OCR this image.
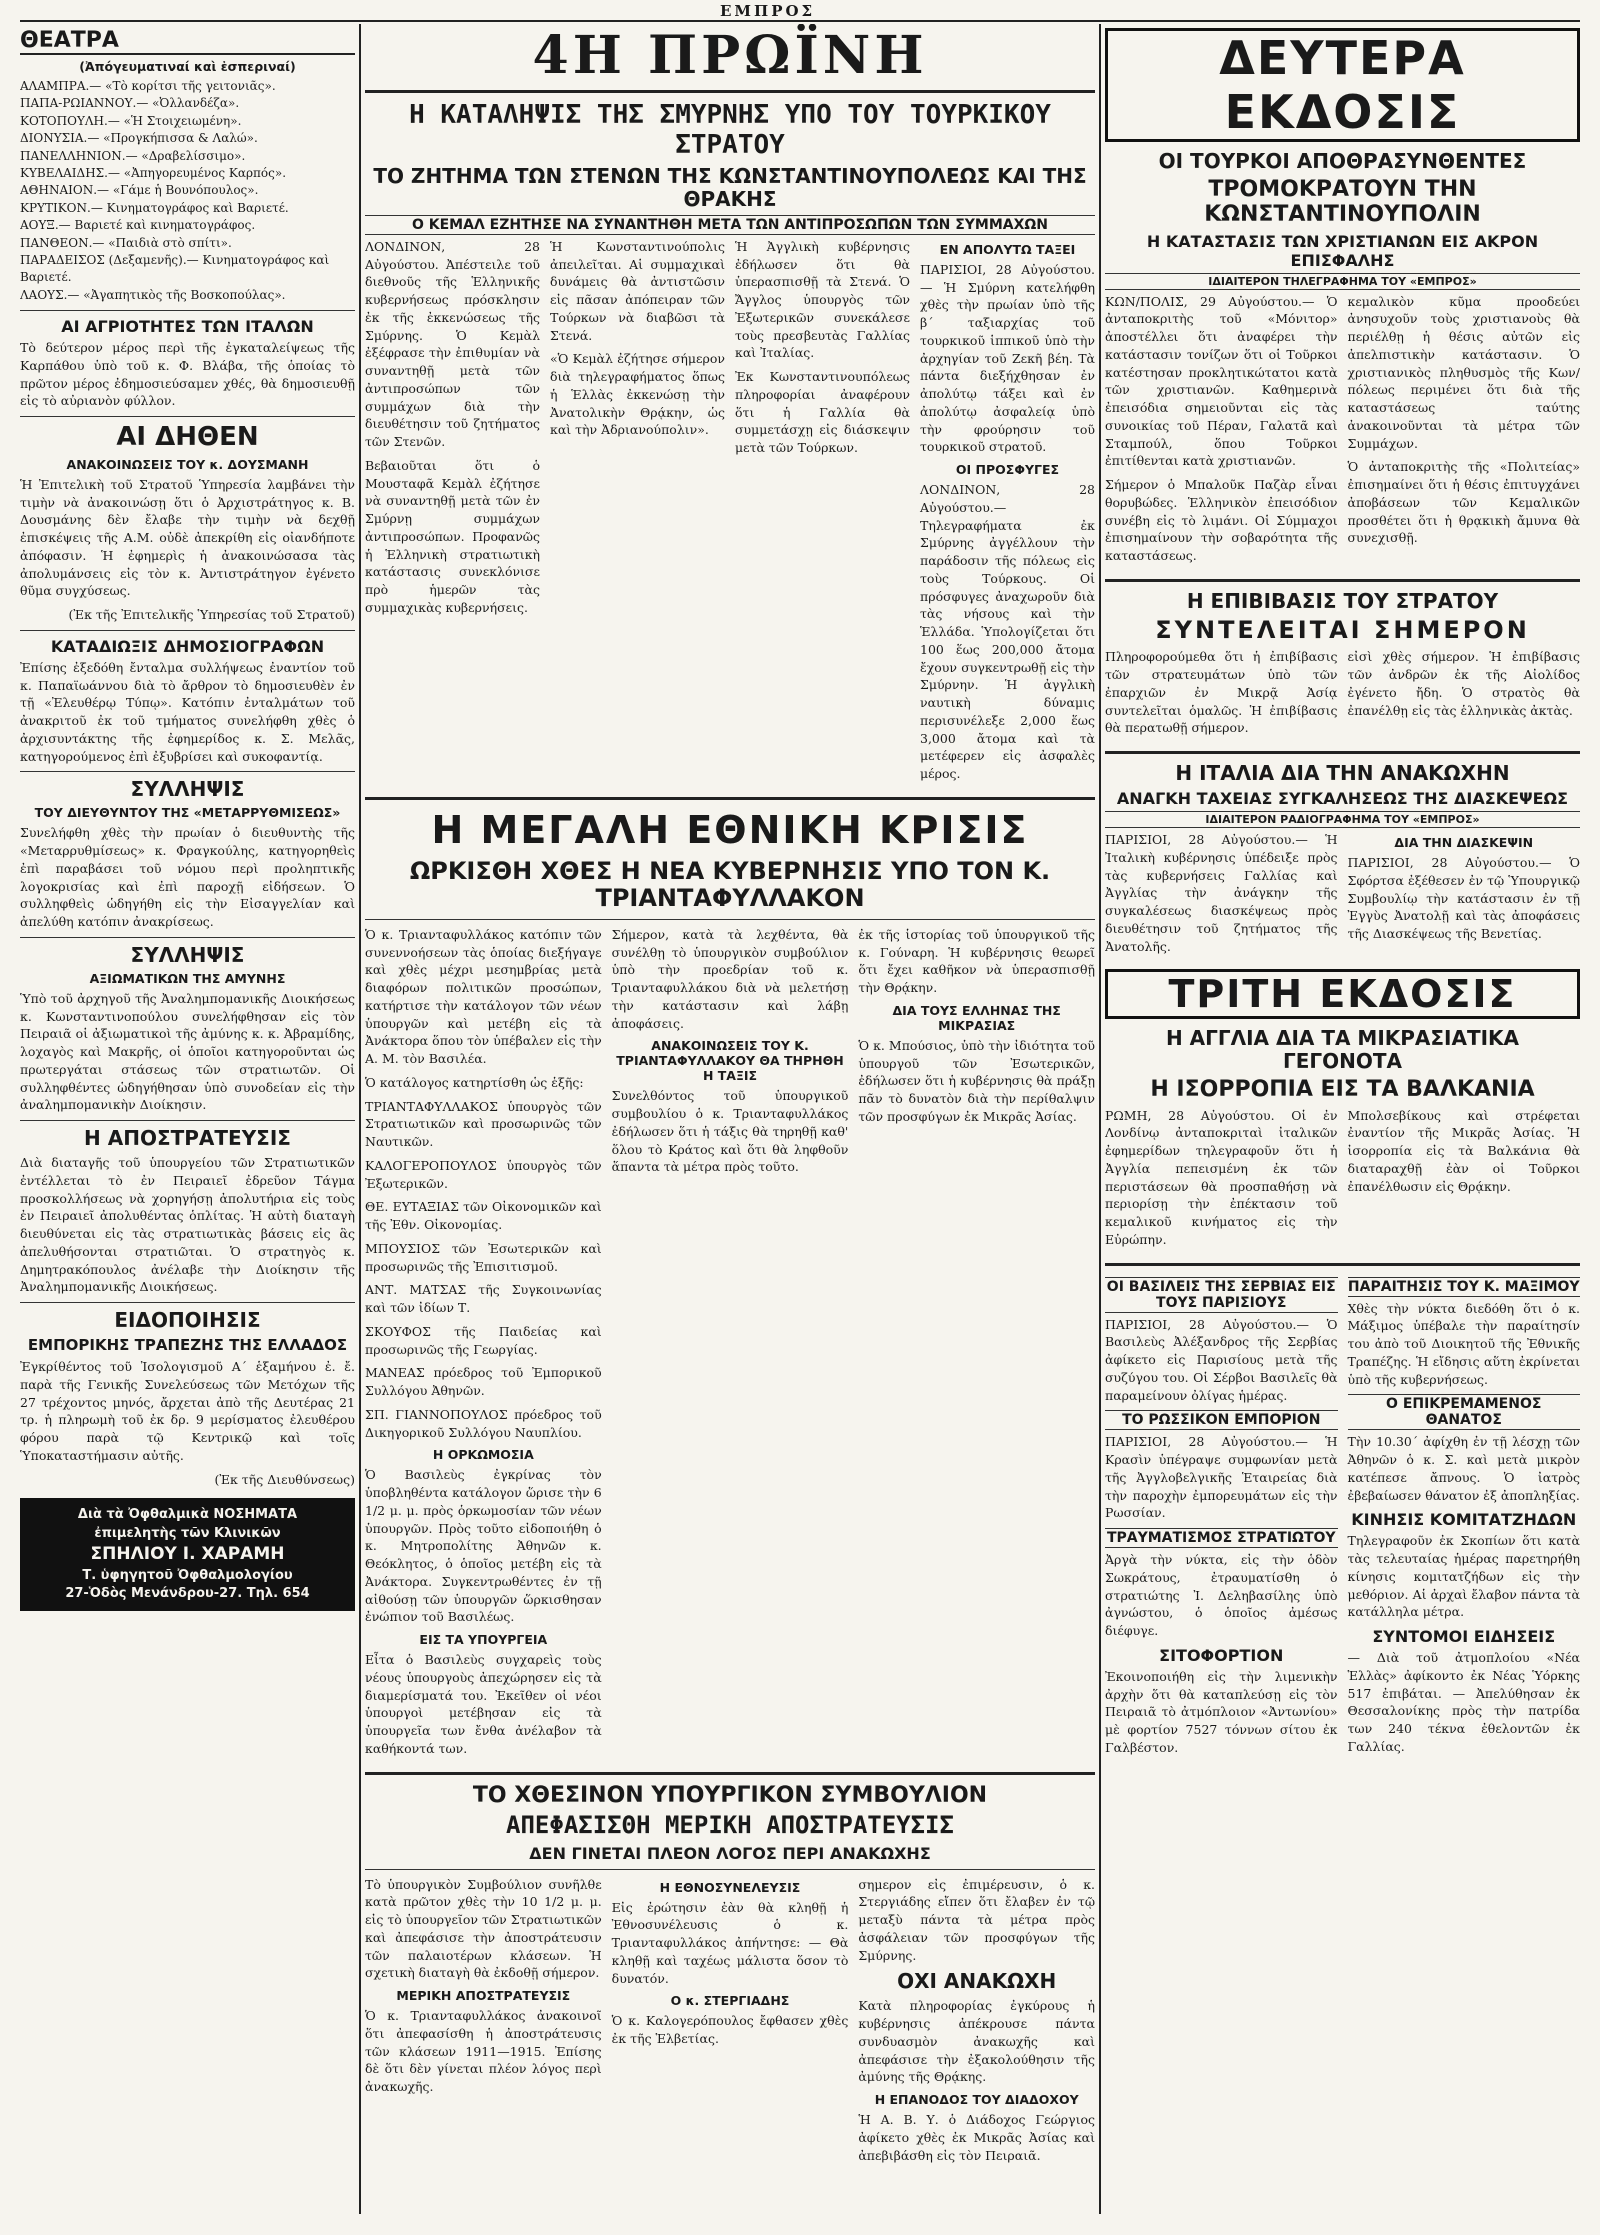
ΕΜΠΡΟΣ
ΘΕΑΤΡΑ
(Ἀπόγευματιναί καὶ ἑσπεριναί)
ΑΛΑΜΠΡΑ.— «Τὸ κορίτσι τῆς γειτονιᾶς».
ΠΑΠΑ-ΡΩΙΑΝΝΟΥ.— «Ὀλλανδέζα».
ΚΟΤΟΠΟΥΛΗ.— «Ἡ Στοιχειωμένη».
ΔΙΟΝΥΣΙΑ.— «Προγκήπισσα & Λαλώ».
ΠΑΝΕΛΛΗΝΙΟΝ.— «Δραβελίσσιμο».
ΚΥΒΕΛΑΙΔΗΣ.— «Ἀπηγορευμένος Καρπός».
ΑΘΗΝΑΙΟΝ.— «Γάμε ἡ Βουνόπουλος».
ΚΡΥΤΙΚΟΝ.— Κινηματογράφος καὶ Βαριετέ.
ΑΟΥΞ.— Βαριετέ καὶ κινηματογράφος.
ΠΑΝΘΕΟΝ.— «Παιδιὰ στὸ σπίτι».
ΠΑΡΑΔΕΙΣΟΣ (Δεξαμενῆς).— Κινηματογράφος καὶ Βαριετέ.
ΛΑΟΥΣ.— «Ἀγαπητικὸς τῆς Βοσκοπούλας».
ΑΙ ΑΓΡΙΟΤΗΤΕΣ ΤΩΝ ΙΤΑΛΩΝ

Τὸ δεύτερον μέρος περὶ τῆς ἐγκαταλείψεως τῆς Καρπάθου ὑπὸ τοῦ κ. Φ. Βλάβα, τῆς ὁποίας τὸ πρῶτον μέρος ἐδημοσιεύσαμεν χθές, θὰ δημοσιευθῇ εἰς τὸ αὐριανὸν φύλλον.

ΑΙ ΔΗΘΕΝ
ΑΝΑΚΟΙΝΩΣΕΙΣ ΤΟΥ κ. ΔΟΥΣΜΑΝΗ

Ἡ Ἐπιτελικὴ τοῦ Στρατοῦ Ὑπηρεσία λαμβάνει τὴν τιμὴν νὰ ἀνακοινώσῃ ὅτι ὁ Ἀρχιστράτηγος κ. Β. Δουσμάνης δὲν ἔλαβε τὴν τιμὴν νὰ δεχθῇ ἐπισκέψεις τῆς Α.Μ. οὐδὲ ἀπεκρίθη εἰς οἰανδήποτε ἀπόφασιν. Ἡ ἐφημερὶς ἡ ἀνακοινώσασα τὰς ἀπολυμάνσεις εἰς τὸν κ. Ἀντιστράτηγον ἐγένετο θῦμα συγχύσεως.

(Ἐκ τῆς Ἐπιτελικῆς Ὑπηρεσίας τοῦ Στρατοῦ)

ΚΑΤΑΔΙΩΞΙΣ ΔΗΜΟΣΙΟΓΡΑΦΩΝ

Ἐπίσης ἐξεδόθη ἔνταλμα συλλήψεως ἐναντίον τοῦ κ. Παπαϊωάννου διὰ τὸ ἄρθρον τὸ δημοσιευθὲν ἐν τῇ «Ἐλευθέρῳ Τύπῳ». Κατόπιν ἐνταλμάτων τοῦ ἀνακριτοῦ ἐκ τοῦ τμήματος συνελήφθη χθὲς ὁ ἀρχισυντάκτης τῆς ἐφημερίδος κ. Σ. Μελᾶς, κατηγορούμενος ἐπὶ ἐξυβρίσει καὶ συκοφαντίᾳ.

ΣΥΛΛΗΨΙΣ
ΤΟΥ ΔΙΕΥΘΥΝΤΟΥ ΤΗΣ «ΜΕΤΑΡΡΥΘΜΙΣΕΩΣ»

Συνελήφθη χθὲς τὴν πρωίαν ὁ διευθυντὴς τῆς «Μεταρρυθμίσεως» κ. Φραγκούλης, κατηγορηθεὶς ἐπὶ παραβάσει τοῦ νόμου περὶ προληπτικῆς λογοκρισίας καὶ ἐπὶ παροχῇ εἰδήσεων. Ὁ συλληφθεὶς ὡδηγήθη εἰς τὴν Εἰσαγγελίαν καὶ ἀπελύθη κατόπιν ἀνακρίσεως.

ΣΥΛΛΗΨΙΣ
ΑΞΙΩΜΑΤΙΚΩΝ ΤΗΣ ΑΜΥΝΗΣ

Ὑπὸ τοῦ ἀρχηγοῦ τῆς Ἀναλημπομανικῆς Διοικήσεως κ. Κωνσταντινοπούλου συνελήφθησαν εἰς τὸν Πειραιᾶ οἱ ἀξιωματικοὶ τῆς ἀμύνης κ. κ. Ἀβραμίδης, λοχαγὸς καὶ Μακρῆς, οἱ ὁποῖοι κατηγοροῦνται ὡς πρωτεργάται στάσεως τῶν στρατιωτῶν. Οἱ συλληφθέντες ὡδηγήθησαν ὑπὸ συνοδείαν εἰς τὴν ἀναλημπομανικὴν Διοίκησιν.

Η ΑΠΟΣΤΡΑΤΕΥΣΙΣ

Διὰ διαταγῆς τοῦ ὑπουργείου τῶν Στρατιωτικῶν ἐντέλλεται τὸ ἐν Πειραιεῖ ἐδρεῦον Τάγμα προσκολλήσεως νὰ χορηγήσῃ ἀπολυτήρια εἰς τοὺς ἐν Πειραιεῖ ἀπολυθέντας ὁπλίτας. Ἡ αὐτὴ διαταγὴ διευθύνεται εἰς τὰς στρατιωτικὰς βάσεις εἰς ἃς ἀπελυθήσονται στρατιῶται. Ὁ στρατηγὸς κ. Δημητρακόπουλος ἀνέλαβε τὴν Διοίκησιν τῆς Ἀναλημπομανικῆς Διοικήσεως.

ΕΙΔΟΠΟΙΗΣΙΣ
ΕΜΠΟΡΙΚΗΣ ΤΡΑΠΕΖΗΣ ΤΗΣ ΕΛΛΑΔΟΣ

Ἐγκρίθέντος τοῦ Ἰσολογισμοῦ Α΄ ἑξαμήνου ἐ. ἔ. παρὰ τῆς Γενικῆς Συνελεύσεως τῶν Μετόχων τῆς 27 τρέχοντος μηνός, ἄρχεται ἀπὸ τῆς Δευτέρας 21 τρ. ἡ πληρωμὴ τοῦ ἐκ δρ. 9 μερίσματος ἐλευθέρου φόρου παρὰ τῷ Κεντρικῷ καὶ τοῖς Ὑποκαταστήμασιν αὐτῆς.

(Ἐκ τῆς Διευθύνσεως)

Διὰ τὰ Ὀφθαλμικὰ ΝΟΣΗΜΑΤΑ
ἐπιμελητὴς τῶν Κλινικῶν
ΣΠΗΛΙΟΥ Ι. ΧΑΡΑΜΗ
Τ. ὑφηγητοῦ Ὀφθαλμολογίου
27-Ὁδὸς Μενάνδρου-27. Τηλ. 654
4Η ΠΡΩΪΝΗ
Η ΚΑΤΑΛΗΨΙΣ ΤΗΣ ΣΜΥΡΝΗΣ ΥΠΟ ΤΟΥ ΤΟΥΡΚΙΚΟΥ ΣΤΡΑΤΟΥ
ΤΟ ΖΗΤΗΜΑ ΤΩΝ ΣΤΕΝΩΝ ΤΗΣ ΚΩΝΣΤΑΝΤΙΝΟΥΠΟΛΕΩΣ ΚΑΙ ΤΗΣ ΘΡΑΚΗΣ
Ο ΚΕΜΑΛ ΕΖΗΤΗΣΕ ΝΑ ΣΥΝΑΝΤΗΘΗ ΜΕΤΑ ΤΩΝ ΑΝΤΙΠΡΟΣΩΠΩΝ ΤΩΝ ΣΥΜΜΑΧΩΝ

ΛΟΝΔΙΝΟΝ, 28 Αὐγούστου. Ἀπέστειλε τοῦ διεθνοῦς τῆς Ἑλληνικῆς κυβερνήσεως πρόσκλησιν ἐκ τῆς ἐκκενώσεως τῆς Σμύρνης. Ὁ Κεμὰλ ἐξέφρασε τὴν ἐπιθυμίαν νὰ συναντηθῇ μετὰ τῶν ἀντιπροσώπων τῶν συμμάχων διὰ τὴν διευθέτησιν τοῦ ζητήματος τῶν Στενῶν.

Βεβαιοῦται ὅτι ὁ Μουσταφᾶ Κεμὰλ ἐζήτησε νὰ συναντηθῇ μετὰ τῶν ἐν Σμύρνῃ συμμάχων ἀντιπροσώπων. Προφανῶς ἡ Ἑλληνικὴ στρατιωτικὴ κατάστασις συνεκλόνισε πρὸ ἡμερῶν τὰς συμμαχικὰς κυβερνήσεις.

Ἡ Κωνσταντινούπολις ἀπειλεῖται. Αἱ συμμαχικαὶ δυνάμεις θὰ ἀντιστῶσιν εἰς πᾶσαν ἀπόπειραν τῶν Τούρκων νὰ διαβῶσι τὰ Στενά.

«Ὁ Κεμὰλ ἐζήτησε σήμερον διὰ τηλεγραφήματος ὅπως ἡ Ἑλλὰς ἐκκενώσῃ τὴν Ἀνατολικὴν Θρᾴκην, ὡς καὶ τὴν Ἀδριανούπολιν».

Ἡ Ἀγγλικὴ κυβέρνησις ἐδήλωσεν ὅτι θὰ ὑπερασπισθῇ τὰ Στενά. Ὁ Ἄγγλος ὑπουργὸς τῶν Ἐξωτερικῶν συνεκάλεσε τοὺς πρεσβευτὰς Γαλλίας καὶ Ἰταλίας.

Ἐκ Κωνσταντινουπόλεως πληροφορίαι ἀναφέρουν ὅτι ἡ Γαλλία θὰ συμμετάσχῃ εἰς διάσκεψιν μετὰ τῶν Τούρκων.

ΕΝ ΑΠΟΛΥΤΩ ΤΑΞΕΙ

ΠΑΡΙΣΙΟΙ, 28 Αὐγούστου.— Ἡ Σμύρνη κατελήφθη χθὲς τὴν πρωίαν ὑπὸ τῆς β΄ ταξιαρχίας τοῦ τουρκικοῦ ἱππικοῦ ὑπὸ τὴν ἀρχηγίαν τοῦ Ζεκῆ βέη. Τὰ πάντα διεξήχθησαν ἐν ἀπολύτῳ τάξει καὶ ἐν ἀπολύτῳ ἀσφαλείᾳ ὑπὸ τὴν φρούρησιν τοῦ τουρκικοῦ στρατοῦ.

ΟΙ ΠΡΟΣΦΥΓΕΣ

ΛΟΝΔΙΝΟΝ, 28 Αὐγούστου.— Τηλεγραφήματα ἐκ Σμύρνης ἀγγέλλουν τὴν παράδοσιν τῆς πόλεως εἰς τοὺς Τούρκους. Οἱ πρόσφυγες ἀναχωροῦν διὰ τὰς νήσους καὶ τὴν Ἑλλάδα. Ὑπολογίζεται ὅτι 100 ἕως 200,000 ἄτομα ἔχουν συγκεντρωθῇ εἰς τὴν Σμύρνην. Ἡ ἀγγλικὴ ναυτικὴ δύναμις περισυνέλεξε 2,000 ἕως 3,000 ἄτομα καὶ τὰ μετέφερεν εἰς ἀσφαλὲς μέρος.

Η ΜΕΓΑΛΗ ΕΘΝΙΚΗ ΚΡΙΣΙΣ
ΩΡΚΙΣΘΗ ΧΘΕΣ Η ΝΕΑ ΚΥΒΕΡΝΗΣΙΣ ΥΠΟ ΤΟΝ Κ. ΤΡΙΑΝΤΑΦΥΛΛΑΚΟΝ

Ὁ κ. Τριανταφυλλάκος κατόπιν τῶν συνεννοήσεων τὰς ὁποίας διεξήγαγε καὶ χθὲς μέχρι μεσημβρίας μετὰ διαφόρων πολιτικῶν προσώπων, κατήρτισε τὴν κατάλογον τῶν νέων ὑπουργῶν καὶ μετέβη εἰς τὰ Ἀνάκτορα ὅπου τὸν ὑπέβαλεν εἰς τὴν Α. Μ. τὸν Βασιλέα.

Ὁ κατάλογος κατηρτίσθη ὡς ἑξῆς:

ΤΡΙΑΝΤΑΦΥΛΛΑΚΟΣ ὑπουργὸς τῶν Στρατιωτικῶν καὶ προσωρινῶς τῶν Ναυτικῶν.

ΚΑΛΟΓΕΡΟΠΟΥΛΟΣ ὑπουργὸς τῶν Ἐξωτερικῶν.

ΘΕ. ΕΥΤΑΞΙΑΣ τῶν Οἰκονομικῶν καὶ τῆς Ἐθν. Οἰκονομίας.

ΜΠΟΥΣΙΟΣ τῶν Ἐσωτερικῶν καὶ προσωρινῶς τῆς Ἐπισιτισμοῦ.

ΑΝΤ. ΜΑΤΣΑΣ τῆς Συγκοινωνίας καὶ τῶν ἰδίων Τ.

ΣΚΟΥΦΟΣ τῆς Παιδείας καὶ προσωρινῶς τῆς Γεωργίας.

ΜΑΝΕΑΣ πρόεδρος τοῦ Ἐμπορικοῦ Συλλόγου Ἀθηνῶν.

ΣΠ. ΓΙΑΝΝΟΠΟΥΛΟΣ πρόεδρος τοῦ Δικηγορικοῦ Συλλόγου Ναυπλίου.

Η ΟΡΚΩΜΟΣΙΑ

Ὁ Βασιλεὺς ἐγκρίνας τὸν ὑποβληθέντα κατάλογον ὥρισε τὴν 6 1/2 μ. μ. πρὸς ὁρκωμοσίαν τῶν νέων ὑπουργῶν. Πρὸς τοῦτο εἰδοποιήθη ὁ κ. Μητροπολίτης Ἀθηνῶν κ. Θεόκλητος, ὁ ὁποῖος μετέβη εἰς τὰ Ἀνάκτορα. Συγκεντρωθέντες ἐν τῇ αἰθούσῃ τῶν ὑπουργῶν ὥρκισθησαν ἐνώπιον τοῦ Βασιλέως.

ΕΙΣ ΤΑ ΥΠΟΥΡΓΕΙΑ

Εἶτα ὁ Βασιλεὺς συγχαρεὶς τοὺς νέους ὑπουργοὺς ἀπεχώρησεν εἰς τὰ διαμερίσματά του. Ἐκεῖθεν οἱ νέοι ὑπουργοὶ μετέβησαν εἰς τὰ ὑπουργεῖα των ἔνθα ἀνέλαβον τὰ καθήκοντά των.

Σήμερον, κατὰ τὰ λεχθέντα, θὰ συνέλθῃ τὸ ὑπουργικὸν συμβούλιον ὑπὸ τὴν προεδρίαν τοῦ κ. Τριανταφυλλάκου διὰ νὰ μελετήσῃ τὴν κατάστασιν καὶ λάβῃ ἀποφάσεις.

ΑΝΑΚΟΙΝΩΣΕΙΣ ΤΟΥ Κ. ΤΡΙΑΝΤΑΦΥΛΛΑΚΟΥ ΘΑ ΤΗΡΗΘΗ Η ΤΑΞΙΣ

Συνελθόντος τοῦ ὑπουργικοῦ συμβουλίου ὁ κ. Τριανταφυλλάκος ἐδήλωσεν ὅτι ἡ τάξις θὰ τηρηθῇ καθ' ὅλου τὸ Κράτος καὶ ὅτι θὰ ληφθοῦν ἅπαντα τὰ μέτρα πρὸς τοῦτο.

ἐκ τῆς ἱστορίας τοῦ ὑπουργικοῦ τῆς κ. Γούναρη. Ἡ κυβέρνησις θεωρεῖ ὅτι ἔχει καθῆκον νὰ ὑπερασπισθῇ τὴν Θρᾴκην.

ΔΙΑ ΤΟΥΣ ΕΛΛΗΝΑΣ ΤΗΣ ΜΙΚΡΑΣΙΑΣ

Ὁ κ. Μπούσιος, ὑπὸ τὴν ἰδιότητα τοῦ ὑπουργοῦ τῶν Ἐσωτερικῶν, ἐδήλωσεν ὅτι ἡ κυβέρνησις θὰ πράξῃ πᾶν τὸ δυνατὸν διὰ τὴν περίθαλψιν τῶν προσφύγων ἐκ Μικρᾶς Ἀσίας.

ΤΟ ΧΘΕΣΙΝΟΝ ΥΠΟΥΡΓΙΚΟΝ ΣΥΜΒΟΥΛΙΟΝ
ΑΠΕΦΑΣΙΣΘΗ ΜΕΡΙΚΗ ΑΠΟΣΤΡΑΤΕΥΣΙΣ
ΔΕΝ ΓΙΝΕΤΑΙ ΠΛΕΟΝ ΛΟΓΟΣ ΠΕΡΙ ΑΝΑΚΩΧΗΣ

Τὸ ὑπουργικὸν Συμβούλιον συνῆλθε κατὰ πρῶτον χθὲς τὴν 10 1/2 μ. μ. εἰς τὸ ὑπουργεῖον τῶν Στρατιωτικῶν καὶ ἀπεφάσισε τὴν ἀποστράτευσιν τῶν παλαιοτέρων κλάσεων. Ἡ σχετικὴ διαταγὴ θὰ ἐκδοθῇ σήμερον.

ΜΕΡΙΚΗ ΑΠΟΣΤΡΑΤΕΥΣΙΣ

Ὁ κ. Τριανταφυλλάκος ἀνακοινοῖ ὅτι ἀπεφασίσθη ἡ ἀποστράτευσις τῶν κλάσεων 1911—1915. Ἐπίσης δὲ ὅτι δὲν γίνεται πλέον λόγος περὶ ἀνακωχῆς.

Η ΕΘΝΟΣΥΝΕΛΕΥΣΙΣ

Εἰς ἐρώτησιν ἐὰν θὰ κληθῇ ἡ Ἐθνοσυνέλευσις ὁ κ. Τριανταφυλλάκος ἀπήντησε: — Θὰ κληθῇ καὶ ταχέως μάλιστα ὅσον τὸ δυνατόν.

Ο κ. ΣΤΕΡΓΙΑΔΗΣ

Ὁ κ. Καλογερόπουλος ἔφθασεν χθὲς ἐκ τῆς Ἑλβετίας.

σημερον εἰς ἐπιμέρευσιν, ὁ κ. Στεργιάδης εἴπεν ὅτι ἔλαβεν ἐν τῷ μεταξὺ πάντα τὰ μέτρα πρὸς ἀσφάλειαν τῶν προσφύγων τῆς Σμύρνης.

ΟΧΙ ΑΝΑΚΩΧΗ

Κατὰ πληροφορίας ἐγκύρους ἡ κυβέρνησις ἀπέκρουσε πάντα συνδυασμὸν ἀνακωχῆς καὶ ἀπεφάσισε τὴν ἐξακολούθησιν τῆς ἀμύνης τῆς Θρᾴκης.

Η ΕΠΑΝΟΔΟΣ ΤΟΥ ΔΙΑΔΟΧΟΥ

Ἡ Α. Β. Υ. ὁ Διάδοχος Γεώργιος ἀφίκετο χθὲς ἐκ Μικρᾶς Ἀσίας καὶ ἀπεβιβάσθη εἰς τὸν Πειραιᾶ.

ΔΕΥΤΕΡΑ ΕΚΔΟΣΙΣ
ΟΙ ΤΟΥΡΚΟΙ ΑΠΟΘΡΑΣΥΝΘΕΝΤΕΣ
ΤΡΟΜΟΚΡΑΤΟΥΝ ΤΗΝ ΚΩΝΣΤΑΝΤΙΝΟΥΠΟΛΙΝ
Η ΚΑΤΑΣΤΑΣΙΣ ΤΩΝ ΧΡΙΣΤΙΑΝΩΝ ΕΙΣ ΑΚΡΟΝ ΕΠΙΣΦΑΛΗΣ
ΙΔΙΑΙΤΕΡΟΝ ΤΗΛΕΓΡΑΦΗΜΑ ΤΟΥ «ΕΜΠΡΟΣ»

ΚΩΝ/ΠΟΛΙΣ, 29 Αὐγούστου.— Ὁ ἀνταποκριτὴς τοῦ «Μόνιτορ» ἀποστέλλει ὅτι ἀναφέρει τὴν κατάστασιν τονίζων ὅτι οἱ Τοῦρκοι κατέστησαν προκλητικώτατοι κατὰ τῶν χριστιανῶν. Καθημερινὰ ἐπεισόδια σημειοῦνται εἰς τὰς συνοικίας τοῦ Πέραν, Γαλατᾶ καὶ Σταμπούλ, ὅπου Τοῦρκοι ἐπιτίθενται κατὰ χριστιανῶν.

Σήμερον ὁ Μπαλοῦκ Παζὰρ εἶναι θορυβώδες. Ἑλληνικὸν ἐπεισόδιον συνέβη εἰς τὸ λιμάνι. Οἱ Σύμμαχοι ἐπισημαίνουν τὴν σοβαρότητα τῆς καταστάσεως.

κεμαλικὸν κῦμα προοδεύει ἀνησυχοῦν τοὺς χριστιανοὺς θὰ περιέλθῃ ἡ θέσις αὐτῶν εἰς ἀπελπιστικὴν κατάστασιν. Ὁ χριστιανικὸς πληθυσμὸς τῆς Κων/πόλεως περιμένει ὅτι διὰ τῆς καταστάσεως ταύτης ἀνακοινοῦνται τὰ μέτρα τῶν Συμμάχων.

Ὁ ἀνταποκριτὴς τῆς «Πολιτείας» ἐπισημαίνει ὅτι ἡ θέσις ἐπιτυγχάνει ἀποβάσεων τῶν Κεμαλικῶν προσθέτει ὅτι ἡ θρᾳκικὴ ἄμυνα θὰ συνεχισθῇ.

Η ΕΠΙΒΙΒΑΣΙΣ ΤΟΥ ΣΤΡΑΤΟΥ
ΣΥΝΤΕΛΕΙΤΑΙ ΣΗΜΕΡΟΝ

Πληροφορούμεθα ὅτι ἡ ἐπιβίβασις τῶν στρατευμάτων ὑπὸ τῶν ἐπαρχιῶν ἐν Μικρᾷ Ἀσίᾳ συντελεῖται ὁμαλῶς. Ἡ ἐπιβίβασις θὰ περατωθῇ σήμερον.

εἰσὶ χθὲς σήμερον. Ἡ ἐπιβίβασις τῶν ἀνδρῶν ἐκ τῆς Αἰολίδος ἐγένετο ἤδη. Ὁ στρατὸς θὰ ἐπανέλθῃ εἰς τὰς ἑλληνικὰς ἀκτὰς.

Η ΙΤΑΛΙΑ ΔΙΑ ΤΗΝ ΑΝΑΚΩΧΗΝ
ΑΝΑΓΚΗ ΤΑΧΕΙΑΣ ΣΥΓΚΑΛΗΣΕΩΣ ΤΗΣ ΔΙΑΣΚΕΨΕΩΣ
ΙΔΙΑΙΤΕΡΟΝ ΡΑΔΙΟΓΡΑΦΗΜΑ ΤΟΥ «ΕΜΠΡΟΣ»

ΠΑΡΙΣΙΟΙ, 28 Αὐγούστου.— Ἡ Ἰταλικὴ κυβέρνησις ὑπέδειξε πρὸς τὰς κυβερνήσεις Γαλλίας καὶ Ἀγγλίας τὴν ἀνάγκην τῆς συγκαλέσεως διασκέψεως πρὸς διευθέτησιν τοῦ ζητήματος τῆς Ἀνατολῆς.

ΔΙΑ ΤΗΝ ΔΙΑΣΚΕΨΙΝ

ΠΑΡΙΣΙΟΙ, 28 Αὐγούστου.— Ὁ Σφόρτσα ἐξέθεσεν ἐν τῷ Ὑπουργικῷ Συμβουλίῳ τὴν κατάστασιν ἐν τῇ Ἐγγὺς Ἀνατολῇ καὶ τὰς ἀποφάσεις τῆς Διασκέψεως τῆς Βενετίας.

ΤΡΙΤΗ ΕΚΔΟΣΙΣ
Η ΑΓΓΛΙΑ ΔΙΑ ΤΑ ΜΙΚΡΑΣΙΑΤΙΚΑ ΓΕΓΟΝΟΤΑ
Η ΙΣΟΡΡΟΠΙΑ ΕΙΣ ΤΑ ΒΑΛΚΑΝΙΑ

ΡΩΜΗ, 28 Αὐγούστου. Οἱ ἐν Λονδίνῳ ἀνταποκριταὶ ἰταλικῶν ἐφημερίδων τηλεγραφοῦν ὅτι ἡ Ἀγγλία πεπεισμένη ἐκ τῶν περιστάσεων θὰ προσπαθήσῃ νὰ περιορίσῃ τὴν ἐπέκτασιν τοῦ κεμαλικοῦ κινήματος εἰς τὴν Εὐρώπην.

Μπολσεβίκους καὶ στρέφεται ἐναντίον τῆς Μικρᾶς Ἀσίας. Ἡ ἰσορροπία εἰς τὰ Βαλκάνια θὰ διαταραχθῇ ἐὰν οἱ Τοῦρκοι ἐπανέλθωσιν εἰς Θρᾴκην.

ΟΙ ΒΑΣΙΛΕΙΣ ΤΗΣ ΣΕΡΒΙΑΣ ΕΙΣ ΤΟΥΣ ΠΑΡΙΣΙΟΥΣ

ΠΑΡΙΣΙΟΙ, 28 Αὐγούστου.— Ὁ Βασιλεὺς Ἀλέξανδρος τῆς Σερβίας ἀφίκετο εἰς Παρισίους μετὰ τῆς συζύγου του. Οἱ Σέρβοι Βασιλεῖς θὰ παραμείνουν ὀλίγας ἡμέρας.

ΤΟ ΡΩΣΣΙΚΟΝ ΕΜΠΟΡΙΟΝ

ΠΑΡΙΣΙΟΙ, 28 Αὐγούστου.— Ἡ Κρασὶν ὑπέγραψε συμφωνίαν μετὰ τῆς Ἀγγλοβελγικῆς Ἑταιρείας διὰ τὴν παροχὴν ἐμπορευμάτων εἰς τὴν Ρωσσίαν.

ΤΡΑΥΜΑΤΙΣΜΟΣ ΣΤΡΑΤΙΩΤΟΥ

Ἀργὰ τὴν νύκτα, εἰς τὴν ὁδὸν Σωκράτους, ἐτραυματίσθη ὁ στρατιώτης Ἰ. Δεληβασίλης ὑπὸ ἀγνώστου, ὁ ὁποῖος ἀμέσως διέφυγε.

ΣΙΤΟΦΟΡΤΙΟΝ

Ἐκοινοποιήθη εἰς τὴν λιμενικὴν ἀρχὴν ὅτι θὰ καταπλεύσῃ εἰς τὸν Πειραιᾶ τὸ ἀτμόπλοιον «Ἀντωνίου» μὲ φορτίον 7527 τόννων σίτου ἐκ Γαλβέστον.

ΠΑΡΑΙΤΗΣΙΣ ΤΟΥ Κ. ΜΑΞΙΜΟΥ

Χθὲς τὴν νύκτα διεδόθη ὅτι ὁ κ. Μάξιμος ὑπέβαλε τὴν παραίτησίν του ἀπὸ τοῦ Διοικητοῦ τῆς Ἐθνικῆς Τραπέζης. Ἡ εἴδησις αὕτη ἐκρίνεται ὑπὸ τῆς κυβερνήσεως.

Ο ΕΠΙΚΡΕΜΑΜΕΝΟΣ ΘΑΝΑΤΟΣ

Τὴν 10.30΄ ἀφίχθη ἐν τῇ λέσχῃ τῶν Ἀθηνῶν ὁ κ. Σ. καὶ μετὰ μικρὸν κατέπεσε ἄπνους. Ὁ ἰατρὸς ἐβεβαίωσεν θάνατον ἐξ ἀποπληξίας.

ΚΙΝΗΣΙΣ ΚΟΜΙΤΑΤΖΗΔΩΝ

Τηλεγραφοῦν ἐκ Σκοπίων ὅτι κατὰ τὰς τελευταίας ἡμέρας παρετηρήθη κίνησις κομιτατζήδων εἰς τὴν μεθόριον. Αἱ ἀρχαὶ ἔλαβον πάντα τὰ κατάλληλα μέτρα.

ΣΥΝΤΟΜΟΙ ΕΙΔΗΣΕΙΣ

— Διὰ τοῦ ἀτμοπλοίου «Νέα Ἑλλὰς» ἀφίκοντο ἐκ Νέας Ὑόρκης 517 ἐπιβάται. — Ἀπελύθησαν ἐκ Θεσσαλονίκης πρὸς τὴν πατρίδα των 240 τέκνα ἐθελοντῶν ἐκ Γαλλίας.
